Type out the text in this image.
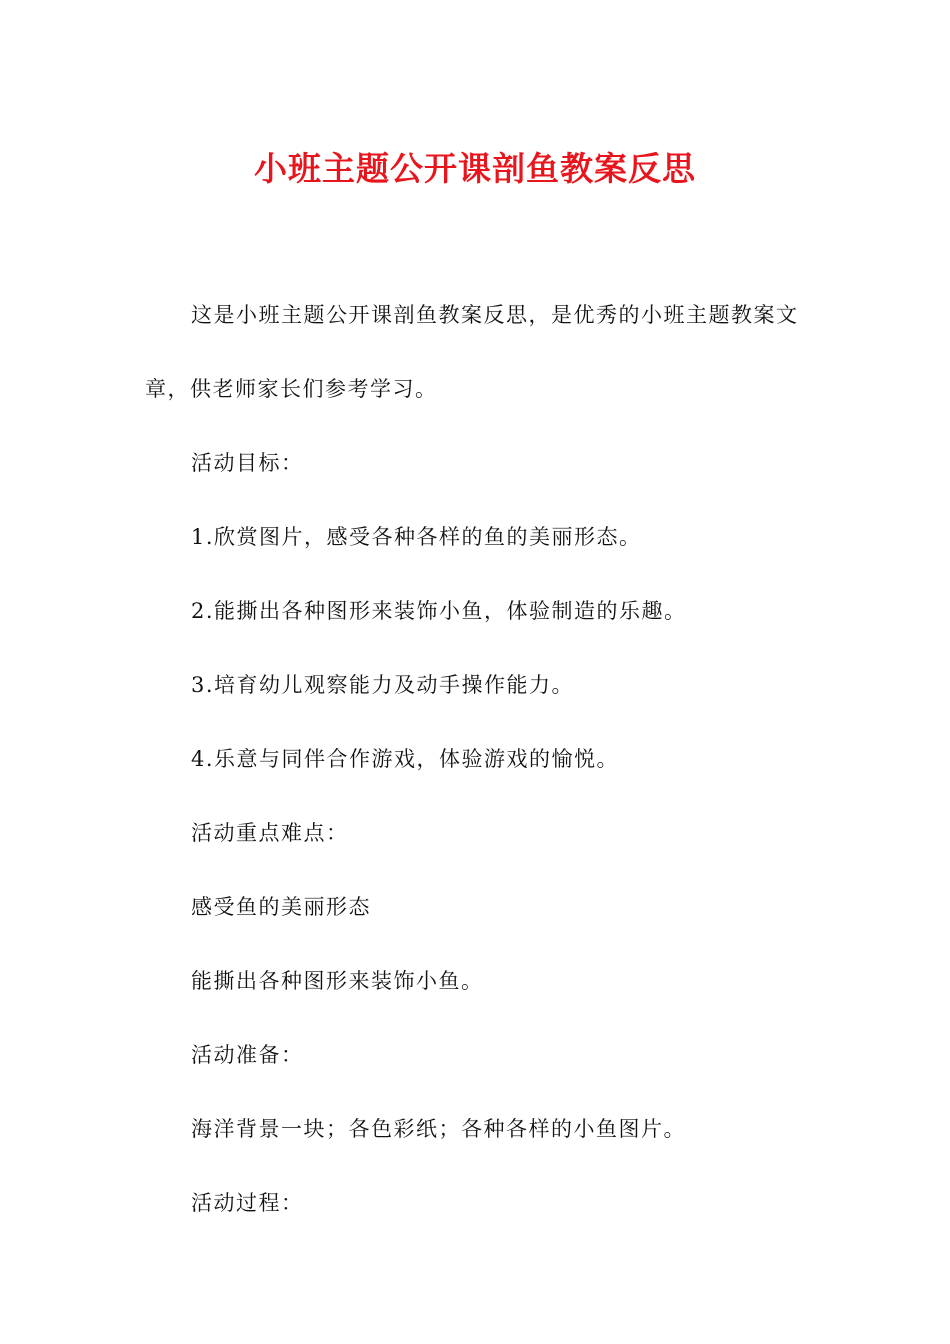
小班主题公开课剖鱼教案反思

这是小班主题公开课剖鱼教案反思，是优秀的小班主题教案文章，供老师家长们参考学习。

活动目标：

1.欣赏图片，感受各种各样的鱼的美丽形态。

2.能撕出各种图形来装饰小鱼，体验制造的乐趣。

3.培育幼儿观察能力及动手操作能力。

4.乐意与同伴合作游戏，体验游戏的愉悦。

活动重点难点：

感受鱼的美丽形态

能撕出各种图形来装饰小鱼。

活动准备：

海洋背景一块；各色彩纸；各种各样的小鱼图片。

活动过程：
